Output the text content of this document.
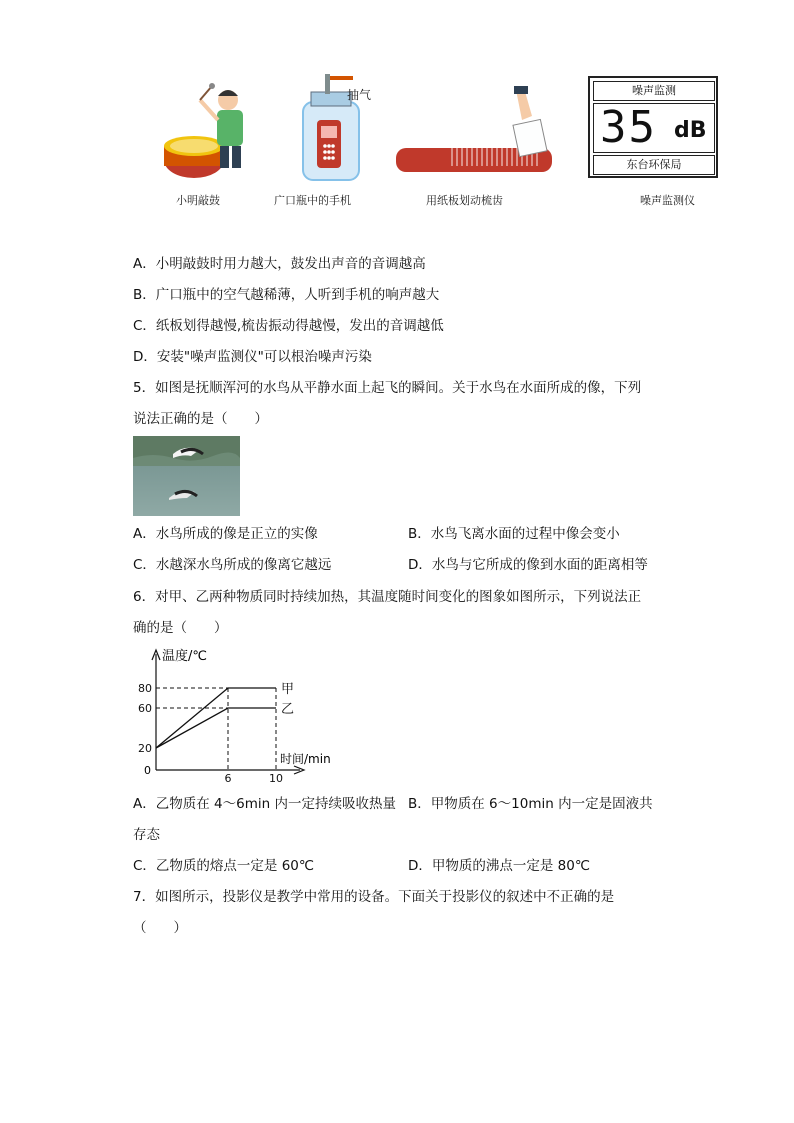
抽气	噪声监测
35 dB
东台环保局
小明敲鼓	广口瓶中的手机	用纸板划动梳齿	噪声监测仪
A．小明敲鼓时用力越大，鼓发出声音的音调越高
B．广口瓶中的空气越稀薄，人听到手机的响声越大
C．纸板划得越慢,梳齿振动得越慢，发出的音调越低
D．安装"噪声监测仪"可以根治噪声污染
5．如图是抚顺浑河的水鸟从平静水面上起飞的瞬间。关于水鸟在水面所成的像，下列
说法正确的是（　　）
A．水鸟所成的像是正立的实像	B．水鸟飞离水面的过程中像会变小
C．水越深水鸟所成的像离它越远	D．水鸟与它所成的像到水面的距离相等
6．对甲、乙两种物质同时持续加热，其温度随时间变化的图象如图所示，下列说法正
确的是（　　）
甲
乙
20
60
80
6	10
温度/℃
时间/min
0
A．乙物质在 4～6min 内一定持续吸收热量 B．甲物质在 6～10min 内一定是固液共
存态
C．乙物质的熔点一定是 60℃	D．甲物质的沸点一定是 80℃
7．如图所示，投影仪是教学中常用的设备。下面关于投影仪的叙述中不正确的是
（　　）
